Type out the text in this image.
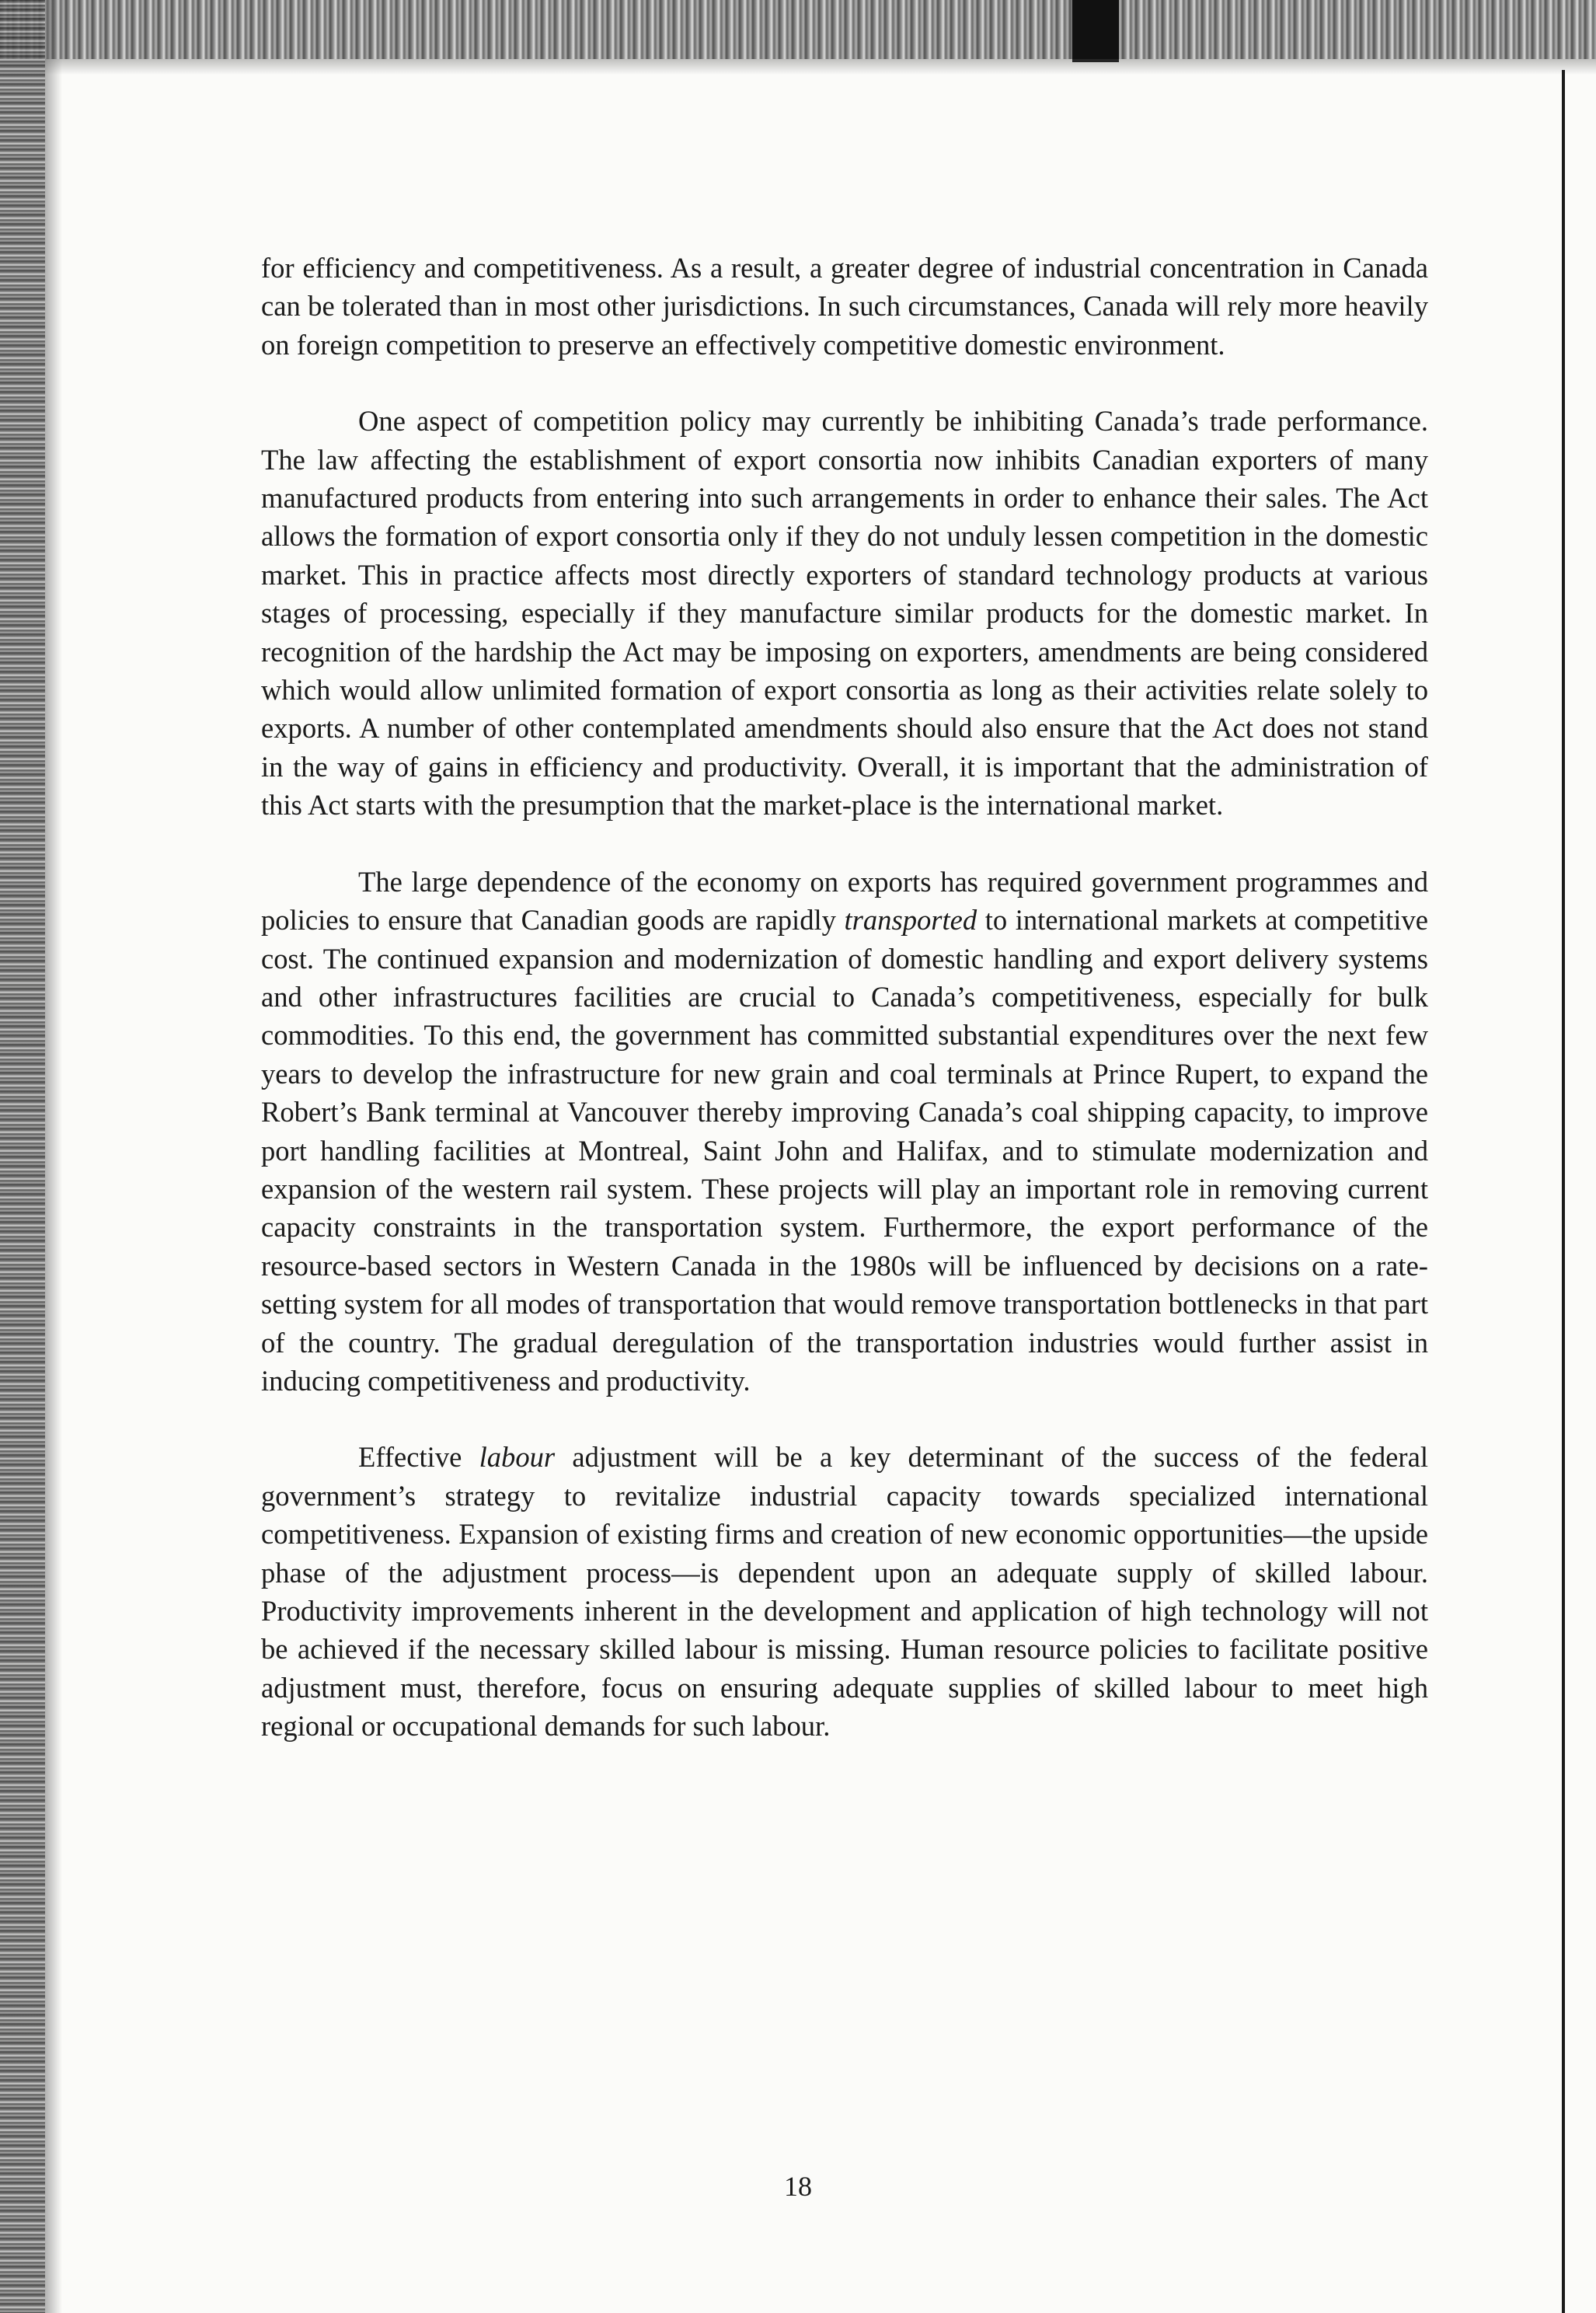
for efficiency and competitiveness. As a result, a greater degree of industrial concentration in Canada can be tolerated than in most other jurisdictions. In such circumstances, Canada will rely more heavily on foreign competition to preserve an effectively competitive domestic environment.

One aspect of competition policy may currently be inhibiting Canada’s trade performance. The law affecting the establishment of export consortia now inhibits Canadian exporters of many manufactured products from entering into such arrangements in order to enhance their sales. The Act allows the formation of export consortia only if they do not unduly lessen competition in the domestic market. This in practice affects most directly exporters of standard technology products at various stages of processing, especially if they manufacture similar products for the domestic market. In recognition of the hardship the Act may be imposing on exporters, amendments are being considered which would allow unlimited formation of export consortia as long as their activities relate solely to exports. A number of other contemplated amendments should also ensure that the Act does not stand in the way of gains in efficiency and productivity. Overall, it is important that the administration of this Act starts with the presumption that the market-place is the international market.

The large dependence of the economy on exports has required government programmes and policies to ensure that Canadian goods are rapidly transported to international markets at competitive cost. The continued expansion and modernization of domestic handling and export delivery systems and other infrastructures facilities are crucial to Canada’s competitiveness, especially for bulk commodities. To this end, the government has committed substantial expenditures over the next few years to develop the infrastructure for new grain and coal terminals at Prince Rupert, to expand the Robert’s Bank terminal at Vancouver thereby improving Canada’s coal shipping capacity, to improve port handling facilities at Montreal, Saint John and Halifax, and to stimulate modernization and expansion of the western rail system. These projects will play an important role in removing current capacity constraints in the transportation system. Furthermore, the export performance of the resource-based sectors in Western Canada in the 1980s will be influenced by decisions on a rate-setting system for all modes of transportation that would remove transportation bottlenecks in that part of the country. The gradual deregulation of the transportation industries would further assist in inducing competitiveness and productivity.

Effective labour adjustment will be a key determinant of the success of the federal government’s strategy to revitalize industrial capacity towards specialized international competitiveness. Expansion of existing firms and creation of new economic opportunities—the upside phase of the adjustment process—is dependent upon an adequate supply of skilled labour. Productivity improvements inherent in the development and application of high technology will not be achieved if the necessary skilled labour is missing. Human resource policies to facilitate positive adjustment must, therefore, focus on ensuring adequate supplies of skilled labour to meet high regional or occupational demands for such labour.

18
